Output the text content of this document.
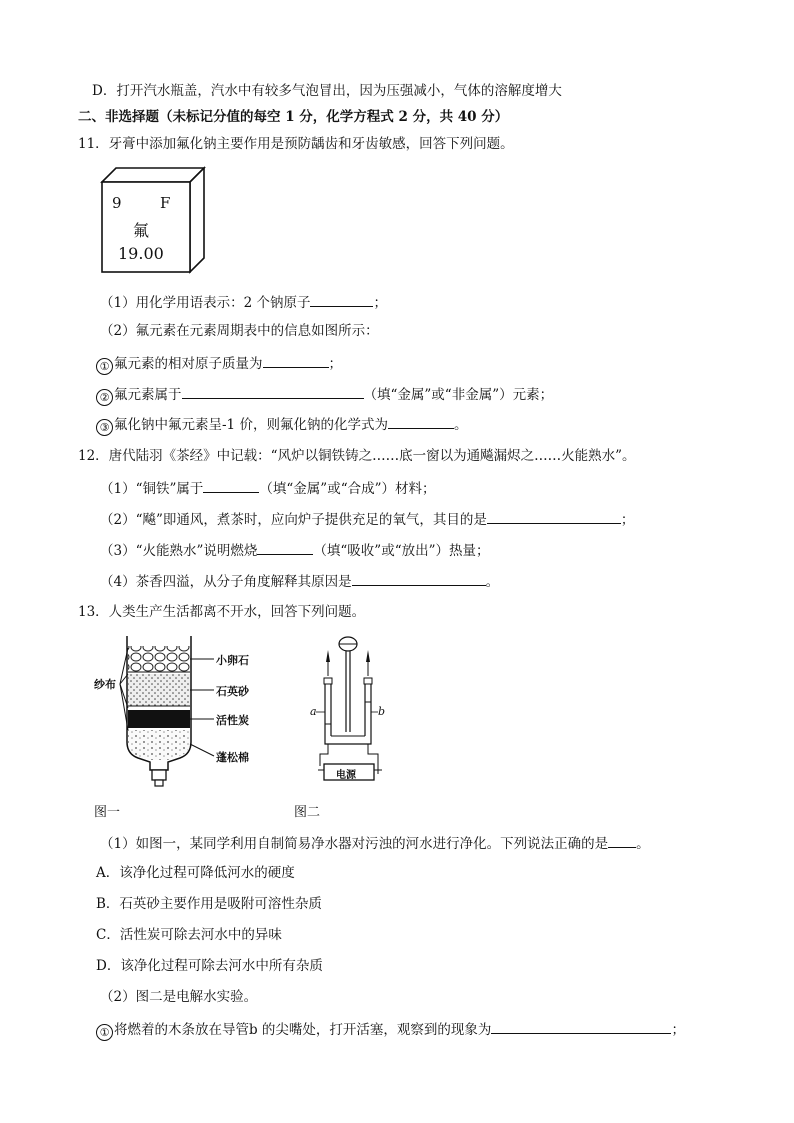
D．打开汽水瓶盖，汽水中有较多气泡冒出，因为压强减小，气体的溶解度增大
二、非选择题（未标记分值的每空 1 分，化学方程式 2 分，共 40 分）
11．牙膏中添加氟化钠主要作用是预防龋齿和牙齿敏感，回答下列问题。
9	F
氟
19.00
（1）用化学用语表示：2 个钠原子	；
（2）氟元素在元素周期表中的信息如图所示：
① 氟元素的相对原子质量为	；
② 氟元素属于	（填“金属”或“非金属”）元素；
③ 氟化钠中氟元素呈-1 价，则氟化钠的化学式为	。
12．唐代陆羽《茶经》中记载：“风炉以铜铁铸之……底一窗以为通飚漏烬之……火能熟水”。
（1）“铜铁”属于	（填“金属”或“合成”）材料；
（2）“飚”即通风，煮茶时，应向炉子提供充足的氧气，其目的是	；
（3）“火能熟水”说明燃烧	（填“吸收”或“放出”）热量；
（4）茶香四溢，从分子角度解释其原因是	。
13．人类生产生活都离不开水，回答下列问题。
小卵石
石英砂
活性炭
蓬松棉
纱布
图一
a	b
电源
图二
（1）如图一，某同学利用自制简易净水器对污浊的河水进行净化。下列说法正确的是 。
A．该净化过程可降低河水的硬度
B．石英砂主要作用是吸附可溶性杂质
C．活性炭可除去河水中的异味
D．该净化过程可除去河水中所有杂质
（2）图二是电解水实验。
① 将燃着的木条放在导管b 的尖嘴处，打开活塞，观察到的现象为	；
